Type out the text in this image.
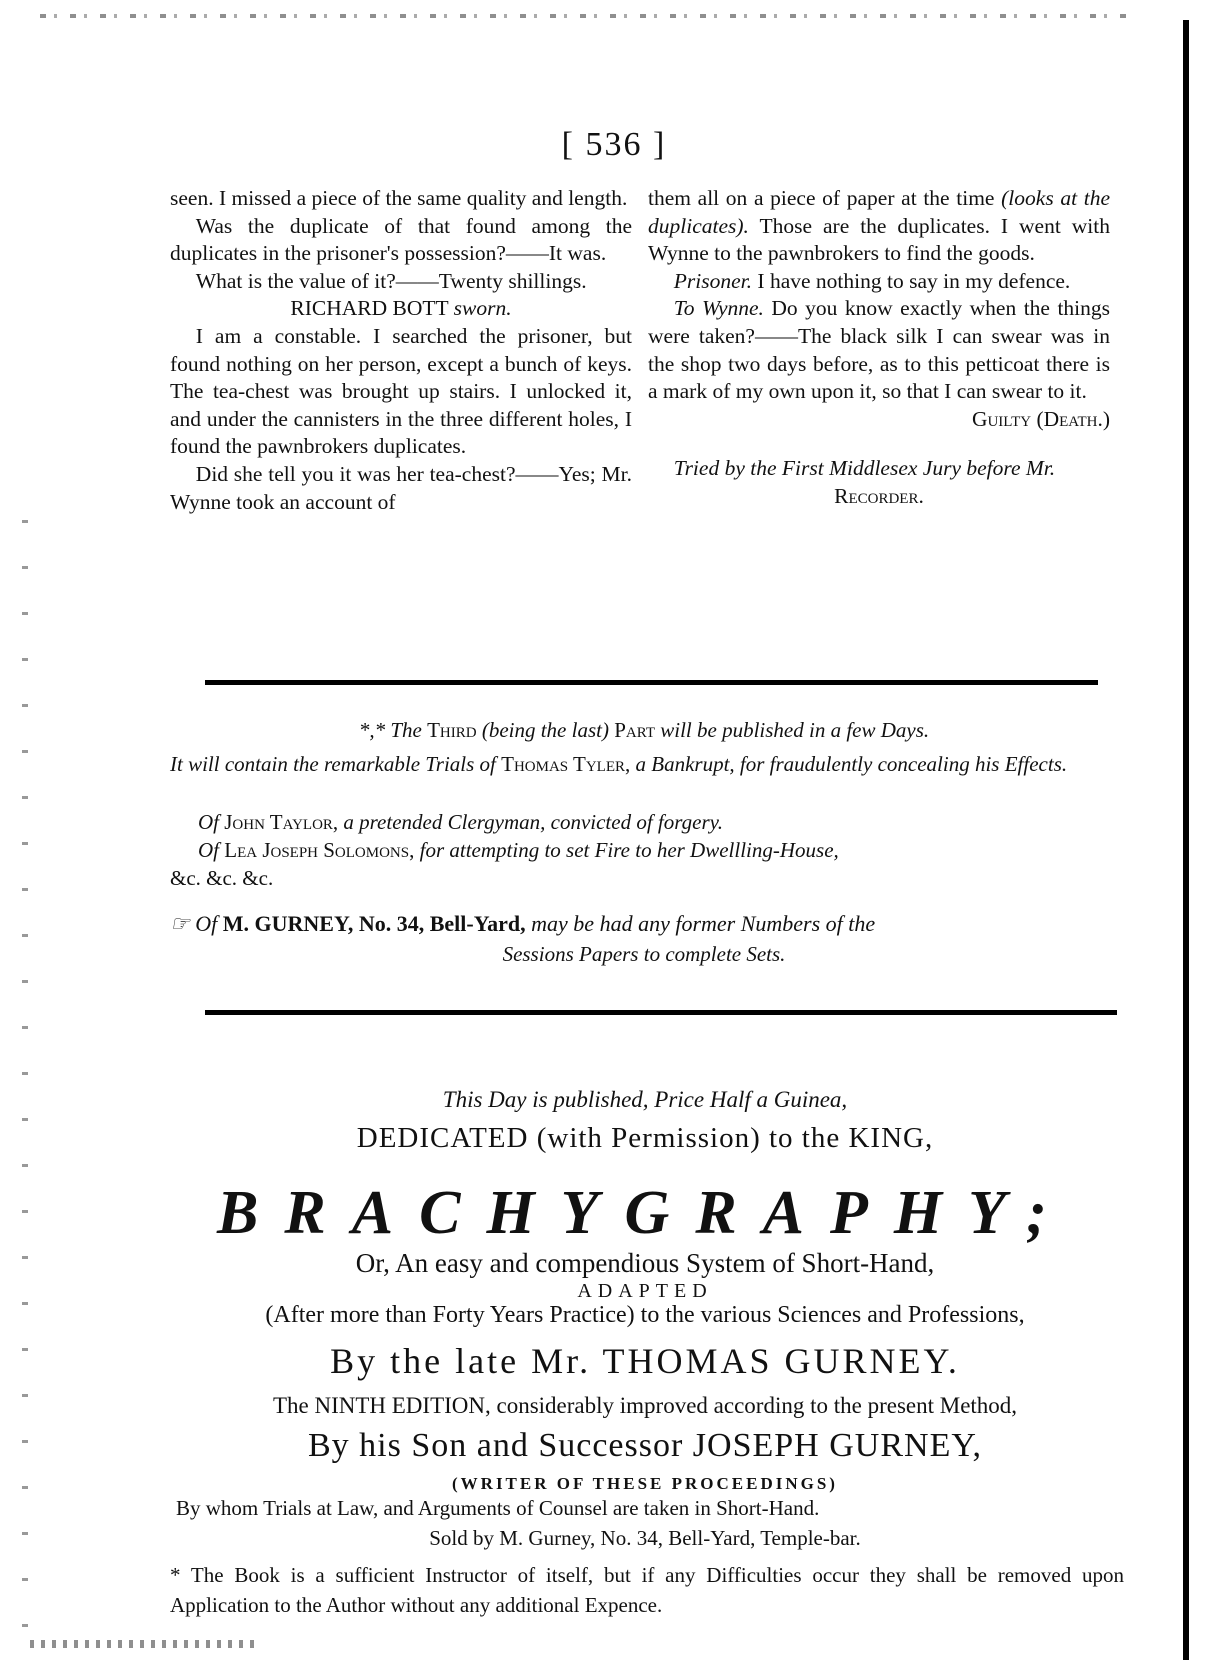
[ 536 ]

seen. I missed a piece of the same quality and length.

Was the duplicate of that found among the duplicates in the prisoner's possession?——It was.

What is the value of it?——Twenty shillings.

RICHARD BOTT sworn.

I am a constable. I searched the prisoner, but found nothing on her person, except a bunch of keys. The tea-chest was brought up stairs. I unlocked it, and under the cannisters in the three different holes, I found the pawnbrokers duplicates.

Did she tell you it was her tea-chest?——Yes; Mr. Wynne took an account of

them all on a piece of paper at the time (looks at the duplicates). Those are the duplicates. I went with Wynne to the pawnbrokers to find the goods.

Prisoner. I have nothing to say in my defence.

To Wynne. Do you know exactly when the things were taken?——The black silk I can swear was in the shop two days before, as to this petticoat there is a mark of my own upon it, so that I can swear to it.

Guilty (Death.)

Tried by the First Middlesex Jury before Mr.

Recorder.
*,* The Third (being the last) Part will be published in a few Days.
It will contain the remarkable Trials of Thomas Tyler, a Bankrupt, for fraudulently concealing his Effects.
Of John Taylor, a pretended Clergyman, convicted of forgery.
Of Lea Joseph Solomons, for attempting to set Fire to her Dwellling-House,
&c. &c. &c.
☞ Of M. GURNEY, No. 34, Bell-Yard, may be had any former Numbers of the
Sessions Papers to complete Sets.
This Day is published, Price Half a Guinea,
DEDICATED (with Permission) to the KING,
BRACHYGRAPHY;
Or, An easy and compendious System of Short-Hand,
ADAPTED
(After more than Forty Years Practice) to the various Sciences and Professions,
By the late Mr. THOMAS GURNEY.
The NINTH EDITION, considerably improved according to the present Method,
By his Son and Successor JOSEPH GURNEY,
(WRITER OF THESE PROCEEDINGS)
By whom Trials at Law, and Arguments of Counsel are taken in Short-Hand.
Sold by M. Gurney, No. 34, Bell-Yard, Temple-bar.
* The Book is a sufficient Instructor of itself, but if any Difficulties occur they shall be removed upon Application to the Author without any additional Expence.
